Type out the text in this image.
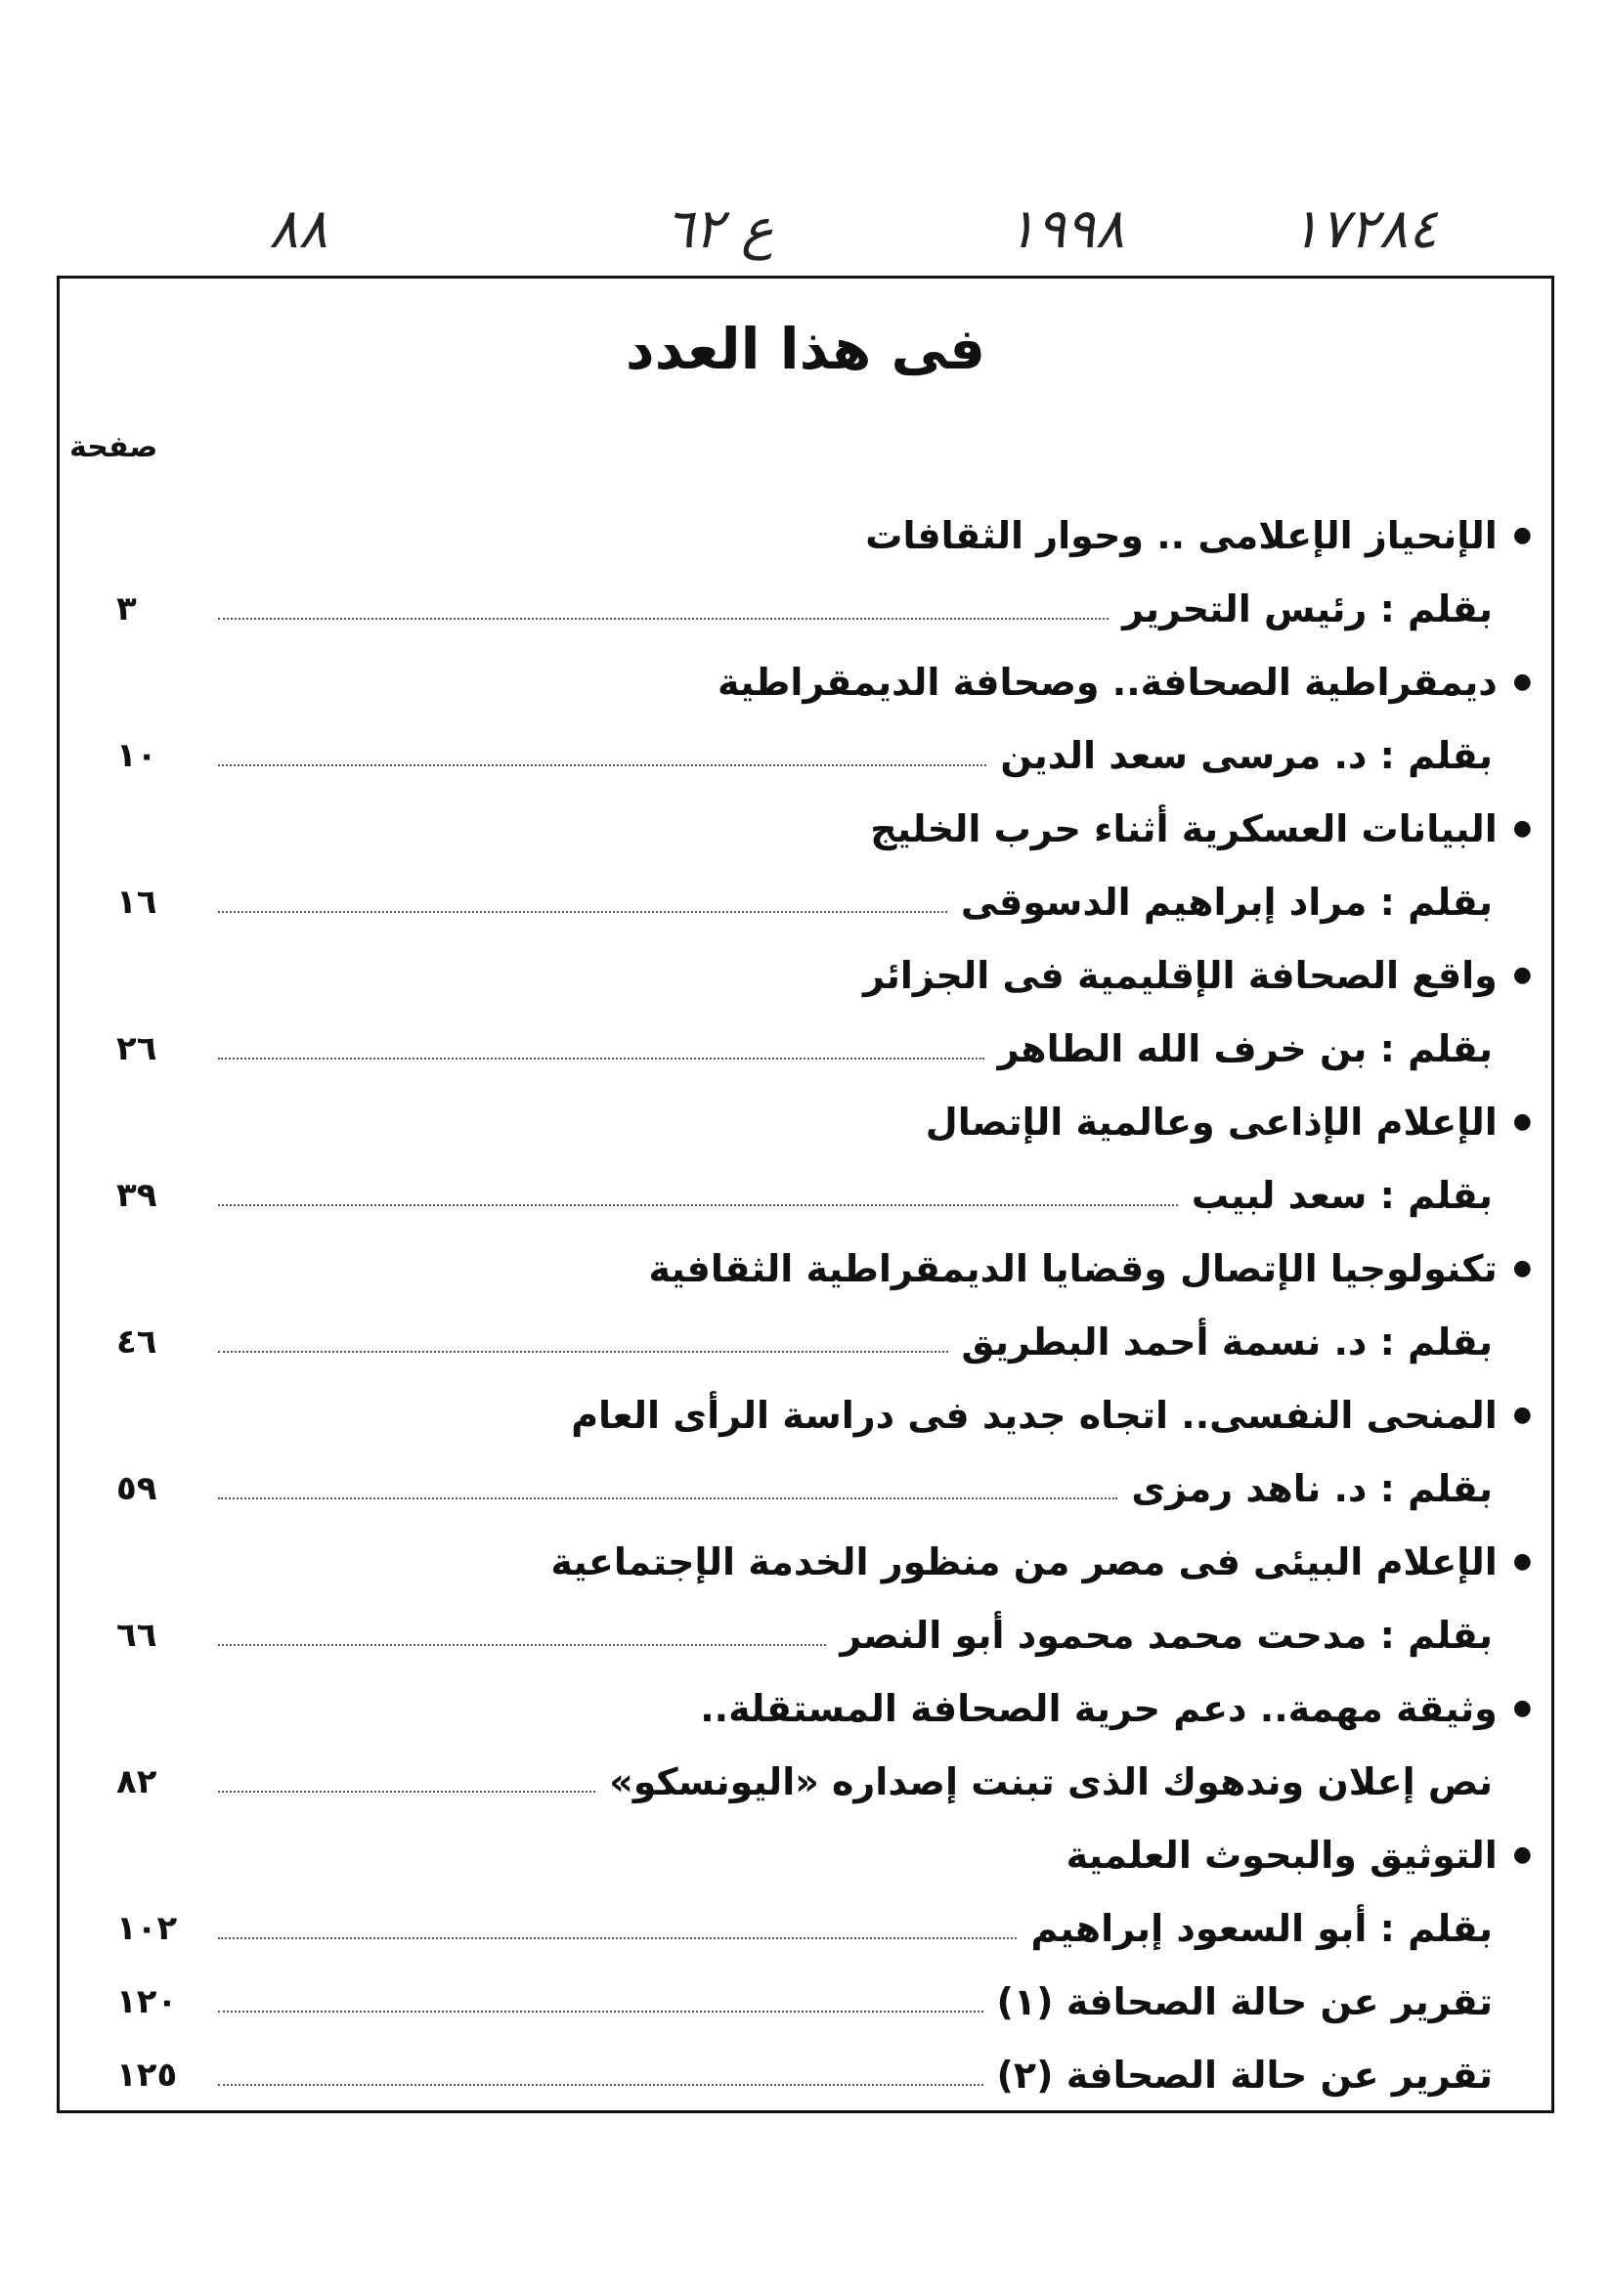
١٧٢٨٤
١٩٩٨
ع ٦٢
٨٨
فى هذا العدد
صفحة
●
الإنحياز الإعلامى .. وحوار الثقافات
بقلم : رئيس التحرير
٣
●
ديمقراطية الصحافة.. وصحافة الديمقراطية
بقلم : د. مرسى سعد الدين
١٠
●
البيانات العسكرية أثناء حرب الخليج
بقلم : مراد إبراهيم الدسوقى
١٦
●
واقع الصحافة الإقليمية فى الجزائر
بقلم : بن خرف الله الطاهر
٢٦
●
الإعلام الإذاعى وعالمية الإتصال
بقلم : سعد لبيب
٣٩
●
تكنولوجيا الإتصال وقضايا الديمقراطية الثقافية
بقلم : د. نسمة أحمد البطريق
٤٦
●
المنحى النفسى.. اتجاه جديد فى دراسة الرأى العام
بقلم : د. ناهد رمزى
٥٩
●
الإعلام البيئى فى مصر من منظور الخدمة الإجتماعية
بقلم : مدحت محمد محمود أبو النصر
٦٦
●
وثيقة مهمة.. دعم حرية الصحافة المستقلة..
نص إعلان وندهوك الذى تبنت إصداره «اليونسكو»
٨٢
●
التوثيق والبحوث العلمية
بقلم : أبو السعود إبراهيم
١٠٢
تقرير عن حالة الصحافة (١)
١٢٠
تقرير عن حالة الصحافة (٢)
١٢٥
